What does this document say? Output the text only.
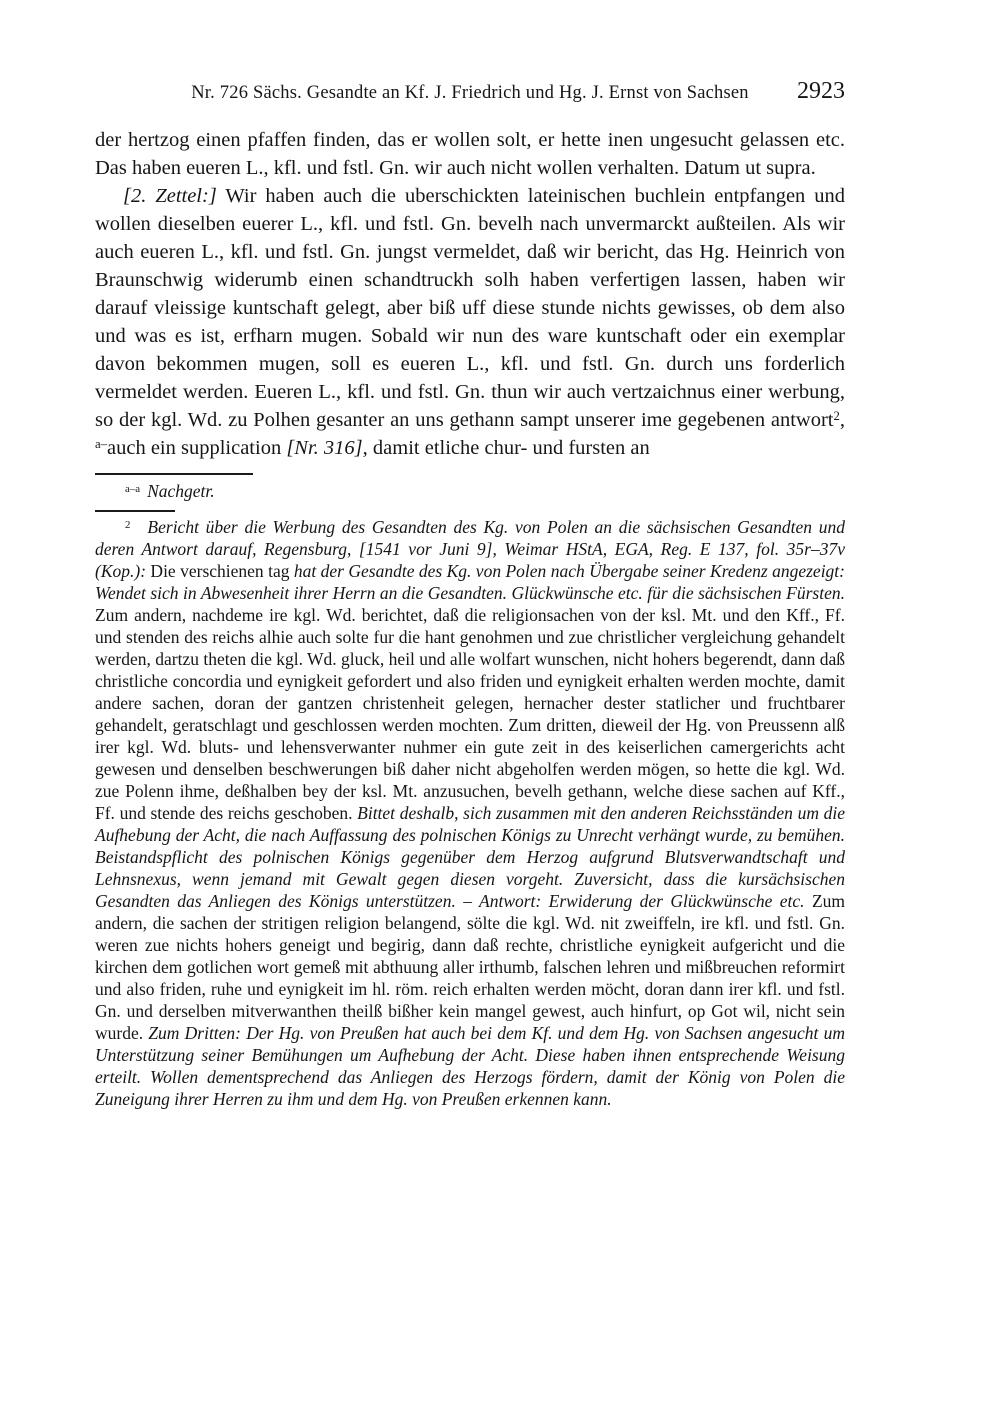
Nr. 726 Sächs. Gesandte an Kf. J. Friedrich und Hg. J. Ernst von Sachsen	2923

der hertzog einen pfaffen finden, das er wollen solt, er hette inen ungesucht gelassen etc. Das haben eueren L., kfl. und fstl. Gn. wir auch nicht wollen verhalten. Datum ut supra.

[2. Zettel:] Wir haben auch die uberschickten lateinischen buchlein entpfangen und wollen dieselben euerer L., kfl. und fstl. Gn. bevelh nach unvermarckt außteilen. Als wir auch eueren L., kfl. und fstl. Gn. jungst vermeldet, daß wir bericht, das Hg. Heinrich von Braunschwig widerumb einen schandtruckh solh haben verfertigen lassen, haben wir darauf vleissige kuntschaft gelegt, aber biß uff diese stunde nichts gewisses, ob dem also und was es ist, erfharn mugen. Sobald wir nun des ware kuntschaft oder ein exemplar davon bekommen mugen, soll es eueren L., kfl. und fstl. Gn. durch uns forderlich vermeldet werden. Eueren L., kfl. und fstl. Gn. thun wir auch vertzaichnus einer werbung, so der kgl. Wd. zu Polhen gesanter an uns gethann sampt unserer ime gegebenen antwort$^2$, $^{a-}$auch ein supplication [Nr. 316], damit etliche chur- und fursten an

$^{a-a}$ Nachgetr.
$^2$ Bericht über die Werbung des Gesandten des Kg. von Polen an die sächsischen Gesandten und deren Antwort darauf, Regensburg, [1541 vor Juni 9], Weimar HStA, EGA, Reg. E 137, fol. 35r–37v (Kop.): Die verschienen tag hat der Gesandte des Kg. von Polen nach Übergabe seiner Kredenz angezeigt: Wendet sich in Abwesenheit ihrer Herrn an die Gesandten. Glückwünsche etc. für die sächsischen Fürsten. Zum andern, nachdeme ire kgl. Wd. berichtet, daß die religionsachen von der ksl. Mt. und den Kff., Ff. und stenden des reichs alhie auch solte fur die hant genohmen und zue christlicher vergleichung gehandelt werden, dartzu theten die kgl. Wd. gluck, heil und alle wolfart wunschen, nicht hohers begerendt, dann daß christliche concordia und eynigkeit gefordert und also friden und eynigkeit erhalten werden mochte, damit andere sachen, doran der gantzen christenheit gelegen, hernacher dester statlicher und fruchtbarer gehandelt, geratschlagt und geschlossen werden mochten. Zum dritten, dieweil der Hg. von Preussenn alß irer kgl. Wd. bluts- und lehensverwanter nuhmer ein gute zeit in des keiserlichen camergerichts acht gewesen und denselben beschwerungen biß daher nicht abgeholfen werden mögen, so hette die kgl. Wd. zue Polenn ihme, deßhalben bey der ksl. Mt. anzusuchen, bevelh gethann, welche diese sachen auf Kff., Ff. und stende des reichs geschoben. Bittet deshalb, sich zusammen mit den anderen Reichsständen um die Aufhebung der Acht, die nach Auffassung des polnischen Königs zu Unrecht verhängt wurde, zu bemühen. Beistandspflicht des polnischen Königs gegenüber dem Herzog aufgrund Blutsverwandtschaft und Lehnsnexus, wenn jemand mit Gewalt gegen diesen vorgeht. Zuversicht, dass die kursächsischen Gesandten das Anliegen des Königs unterstützen. – Antwort: Erwiderung der Glückwünsche etc. Zum andern, die sachen der stritigen religion belangend, sölte die kgl. Wd. nit zweiffeln, ire kfl. und fstl. Gn. weren zue nichts hohers geneigt und begirig, dann daß rechte, christliche eynigkeit aufgericht und die kirchen dem gotlichen wort gemeß mit abthuung aller irthumb, falschen lehren und mißbreuchen reformirt und also friden, ruhe und eynigkeit im hl. röm. reich erhalten werden möcht, doran dann irer kfl. und fstl. Gn. und derselben mitverwanthen theilß bißher kein mangel gewest, auch hinfurt, op Got wil, nicht sein wurde. Zum Dritten: Der Hg. von Preußen hat auch bei dem Kf. und dem Hg. von Sachsen angesucht um Unterstützung seiner Bemühungen um Aufhebung der Acht. Diese haben ihnen entsprechende Weisung erteilt. Wollen dementsprechend das Anliegen des Herzogs fördern, damit der König von Polen die Zuneigung ihrer Herren zu ihm und dem Hg. von Preußen erkennen kann.
